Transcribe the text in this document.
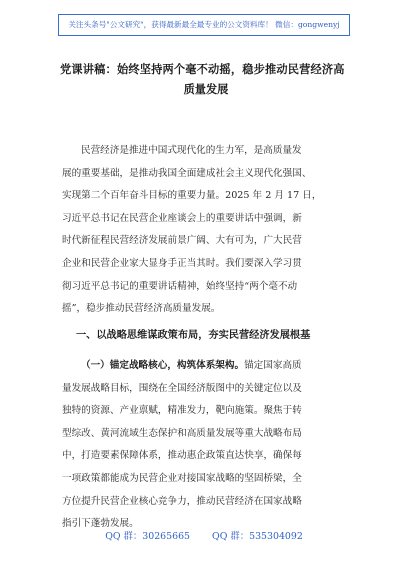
关注头条号"公文研究"，获得最新最全最专业的公文资料库！ 微信：gongwenyj
党课讲稿：始终坚持两个毫不动摇，稳步推动民营经济高
质量发展
民营经济是推进中国式现代化的生力军，是高质量发
展的重要基础，是推动我国全面建成社会主义现代化强国、
实现第二个百年奋斗目标的重要力量。2025 年 2 月 17 日，
习近平总书记在民营企业座谈会上的重要讲话中强调，新
时代新征程民营经济发展前景广阔、大有可为，广大民营
企业和民营企业家大显身手正当其时。我们要深入学习贯
彻习近平总书记的重要讲话精神，始终坚持“两个毫不动
摇”，稳步推动民营经济高质量发展。
一、以战略思维谋政策布局，夯实民营经济发展根基
（一）锚定战略核心，构筑体系架构。锚定国家高质
量发展战略目标，围绕在全国经济版图中的关键定位以及
独特的资源、产业禀赋，精准发力，靶向施策。聚焦于转
型综改、黄河流域生态保护和高质量发展等重大战略布局
中，打造要素保障体系，推动惠企政策直达快享，确保每
一项政策都能成为民营企业对接国家战略的坚固桥梁，全
方位提升民营企业核心竞争力，推动民营经济在国家战略
指引下蓬勃发展。
QQ 群：30265665 QQ 群：535304092
